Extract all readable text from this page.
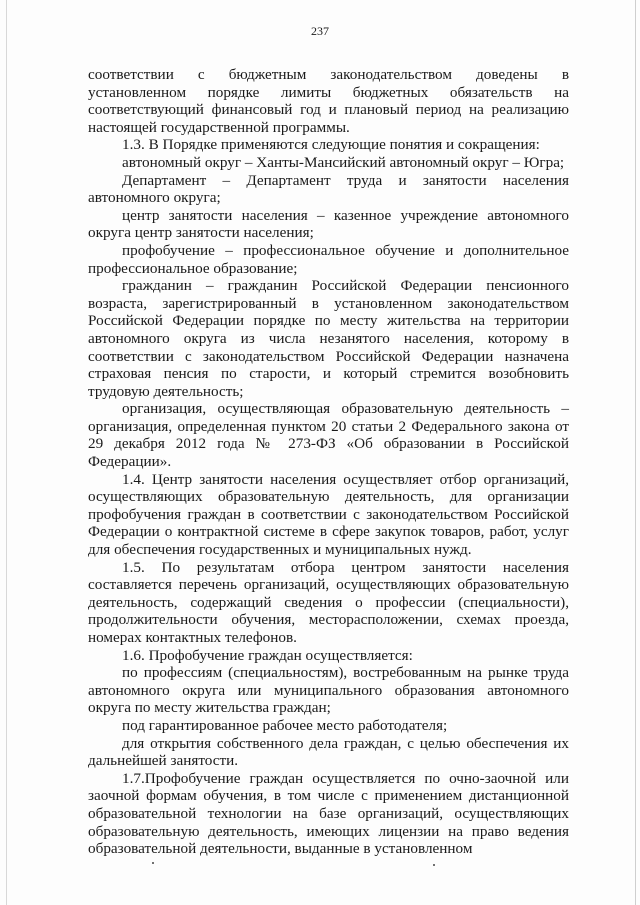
237

соответствии с бюджетным законодательством доведены в установленном порядке лимиты бюджетных обязательств на соответствующий финансовый год и плановый период на реализацию настоящей государственной программы.

1.3. В Порядке применяются следующие понятия и сокращения:

автономный округ – Ханты-Мансийский автономный округ – Югра;

Департамент – Департамент труда и занятости населения автономного округа;

центр занятости населения – казенное учреждение автономного округа центр занятости населения;

профобучение – профессиональное обучение и дополнительное профессиональное образование;

гражданин – гражданин Российской Федерации пенсионного возраста, зарегистрированный в установленном законодательством Российской Федерации порядке по месту жительства на территории автономного округа из числа незанятого населения, которому в соответствии с законодательством Российской Федерации назначена страховая пенсия по старости, и который стремится возобновить трудовую деятельность;

организация, осуществляющая образовательную деятельность – организация, определенная пунктом 20 статьи 2 Федерального закона от 29 декабря 2012 года № 273-ФЗ «Об образовании в Российской Федерации».

1.4. Центр занятости населения осуществляет отбор организаций, осуществляющих образовательную деятельность, для организации профобучения граждан в соответствии с законодательством Российской Федерации о контрактной системе в сфере закупок товаров, работ, услуг для обеспечения государственных и муниципальных нужд.

1.5. По результатам отбора центром занятости населения составляется перечень организаций, осуществляющих образовательную деятельность, содержащий сведения о профессии (специальности), продолжительности обучения, месторасположении, схемах проезда, номерах контактных телефонов.

1.6. Профобучение граждан осуществляется:

по профессиям (специальностям), востребованным на рынке труда автономного округа или муниципального образования автономного округа по месту жительства граждан;

под гарантированное рабочее место работодателя;

для открытия собственного дела граждан, с целью обеспечения их дальнейшей занятости.

1.7.Профобучение граждан осуществляется по очно-заочной или заочной формам обучения, в том числе с применением дистанционной образовательной технологии на базе организаций, осуществляющих образовательную деятельность, имеющих лицензии на право ведения образовательной деятельности, выданные в установленном
